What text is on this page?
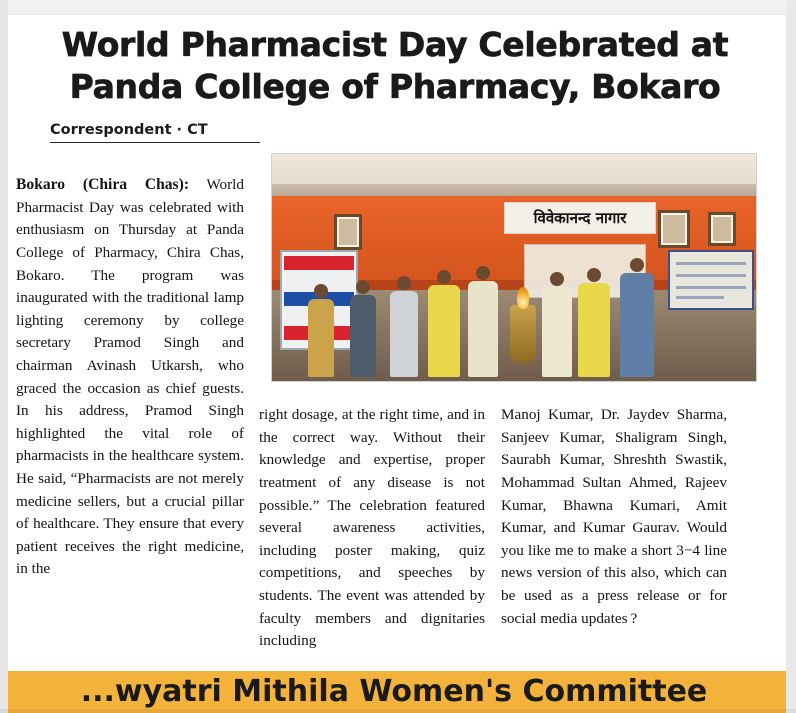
World Pharmacist Day Celebrated at
Panda College of Pharmacy, Bokaro
Correspondent · CT
विवेकानन्द नागार

Bokaro (Chira Chas): World Pharmacist Day was celebrated with enthusiasm on Thursday at Panda College of Pharmacy, Chira Chas, Bokaro. The program was inaugurated with the traditional lamp lighting ceremony by college secretary Pramod Singh and chairman Avinash Utkarsh, who graced the occasion as chief guests. In his address, Pramod Singh highlighted the vital role of pharmacists in the healthcare system. He said, “Pharmacists are not merely medicine sellers, but a crucial pillar of healthcare. They ensure that every patient receives the right medicine, in the

right dosage, at the right time, and in the correct way. Without their knowledge and expertise, proper treatment of any disease is not possible.” The celebration featured several awareness activities, including poster making, quiz competitions, and speeches by students. The event was attended by faculty members and dignitaries including

Manoj Kumar, Dr. Jaydev Sharma, Sanjeev Kumar, Shaligram Singh, Saurabh Kumar, Shreshth Swastik, Mohammad Sultan Ahmed, Rajeev Kumar, Bhawna Kumari, Amit Kumar, and Kumar Gaurav. Would you like me to make a short 3−4 line news version of this also, which can be used as a press release or for social media updates ?

...wyatri Mithila Women's Committee
